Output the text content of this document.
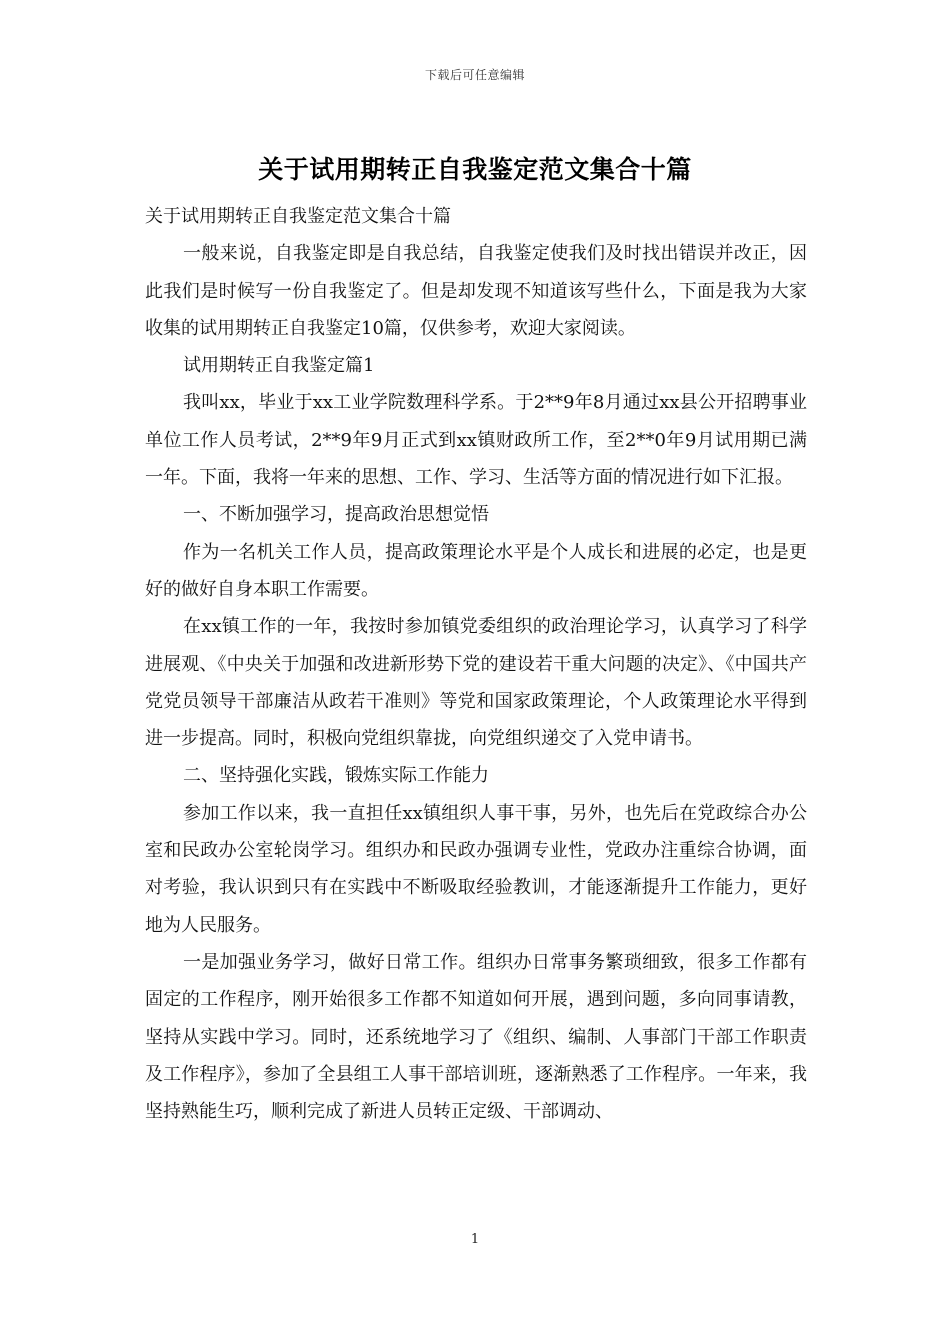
下载后可任意编辑
关于试用期转正自我鉴定范文集合十篇

关于试用期转正自我鉴定范文集合十篇

一般来说，自我鉴定即是自我总结，自我鉴定使我们及时找出错误并改正，因此我们是时候写一份自我鉴定了。但是却发现不知道该写些什么，下面是我为大家收集的试用期转正自我鉴定10篇，仅供参考，欢迎大家阅读。

试用期转正自我鉴定篇1

我叫xx，毕业于xx工业学院数理科学系。于2**9年8月通过xx县公开招聘事业单位工作人员考试，2**9年9月正式到xx镇财政所工作，至2**0年9月试用期已满一年。下面，我将一年来的思想、工作、学习、生活等方面的情况进行如下汇报。

一、不断加强学习，提高政治思想觉悟

作为一名机关工作人员，提高政策理论水平是个人成长和进展的必定，也是更好的做好自身本职工作需要。

在xx镇工作的一年，我按时参加镇党委组织的政治理论学习，认真学习了科学进展观、《中央关于加强和改进新形势下党的建设若干重大问题的决定》、《中国共产党党员领导干部廉洁从政若干准则》等党和国家政策理论，个人政策理论水平得到进一步提高。同时，积极向党组织靠拢，向党组织递交了入党申请书。

二、坚持强化实践，锻炼实际工作能力

参加工作以来，我一直担任xx镇组织人事干事，另外，也先后在党政综合办公室和民政办公室轮岗学习。组织办和民政办强调专业性，党政办注重综合协调，面对考验，我认识到只有在实践中不断吸取经验教训，才能逐渐提升工作能力，更好地为人民服务。

一是加强业务学习，做好日常工作。组织办日常事务繁琐细致，很多工作都有固定的工作程序，刚开始很多工作都不知道如何开展，遇到问题，多向同事请教，坚持从实践中学习。同时，还系统地学习了《组织、编制、人事部门干部工作职责及工作程序》，参加了全县组工人事干部培训班，逐渐熟悉了工作程序。一年来，我坚持熟能生巧，顺利完成了新进人员转正定级、干部调动、

1
